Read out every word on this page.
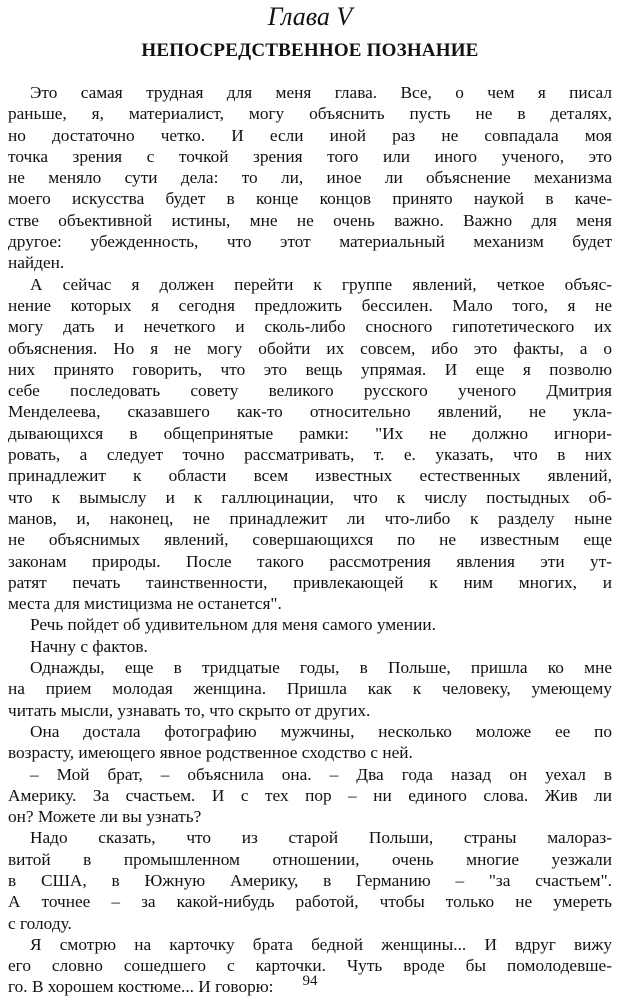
Глава V
НЕПОСРЕДСТВЕННОЕ ПОЗНАНИЕ
Это самая трудная для меня глава. Все, о чем я писал
раньше, я, материалист, могу объяснить пусть не в деталях,
но достаточно четко. И если иной раз не совпадала моя
точка зрения с точкой зрения того или иного ученого, это
не меняло сути дела: то ли, иное ли объяснение механизма
моего искусства будет в конце концов принято наукой в каче-
стве объективной истины, мне не очень важно. Важно для меня
другое: убежденность, что этот материальный механизм будет
найден.
А сейчас я должен перейти к группе явлений, четкое объяс-
нение которых я сегодня предложить бессилен. Мало того, я не
могу дать и нечеткого и сколь-либо сносного гипотетического их
объяснения. Но я не могу обойти их совсем, ибо это факты, а о
них принято говорить, что это вещь упрямая. И еще я позволю
себе последовать совету великого русского ученого Дмитрия
Менделеева, сказавшего как-то относительно явлений, не укла-
дывающихся в общепринятые рамки: "Их не должно игнори-
ровать, а следует точно рассматривать, т. е. указать, что в них
принадлежит к области всем известных естественных явлений,
что к вымыслу и к галлюцинации, что к числу постыдных об-
манов, и, наконец, не принадлежит ли что-либо к разделу ныне
не объяснимых явлений, совершающихся по не известным еще
законам природы. После такого рассмотрения явления эти ут-
ратят печать таинственности, привлекающей к ним многих, и
места для мистицизма не останется".
Речь пойдет об удивительном для меня самого умении.
Начну с фактов.
Однажды, еще в тридцатые годы, в Польше, пришла ко мне
на прием молодая женщина. Пришла как к человеку, умеющему
читать мысли, узнавать то, что скрыто от других.
Она достала фотографию мужчины, несколько моложе ее по
возрасту, имеющего явное родственное сходство с ней.
– Мой брат, – объяснила она. – Два года назад он уехал в
Америку. За счастьем. И с тех пор – ни единого слова. Жив ли
он? Можете ли вы узнать?
Надо сказать, что из старой Польши, страны малораз-
витой в промышленном отношении, очень многие уезжали
в США, в Южную Америку, в Германию – "за счастьем".
А точнее – за какой-нибудь работой, чтобы только не умереть
с голоду.
Я смотрю на карточку брата бедной женщины... И вдруг вижу
его словно сошедшего с карточки. Чуть вроде бы помолодевше-
го. В хорошем костюме... И говорю:	94
